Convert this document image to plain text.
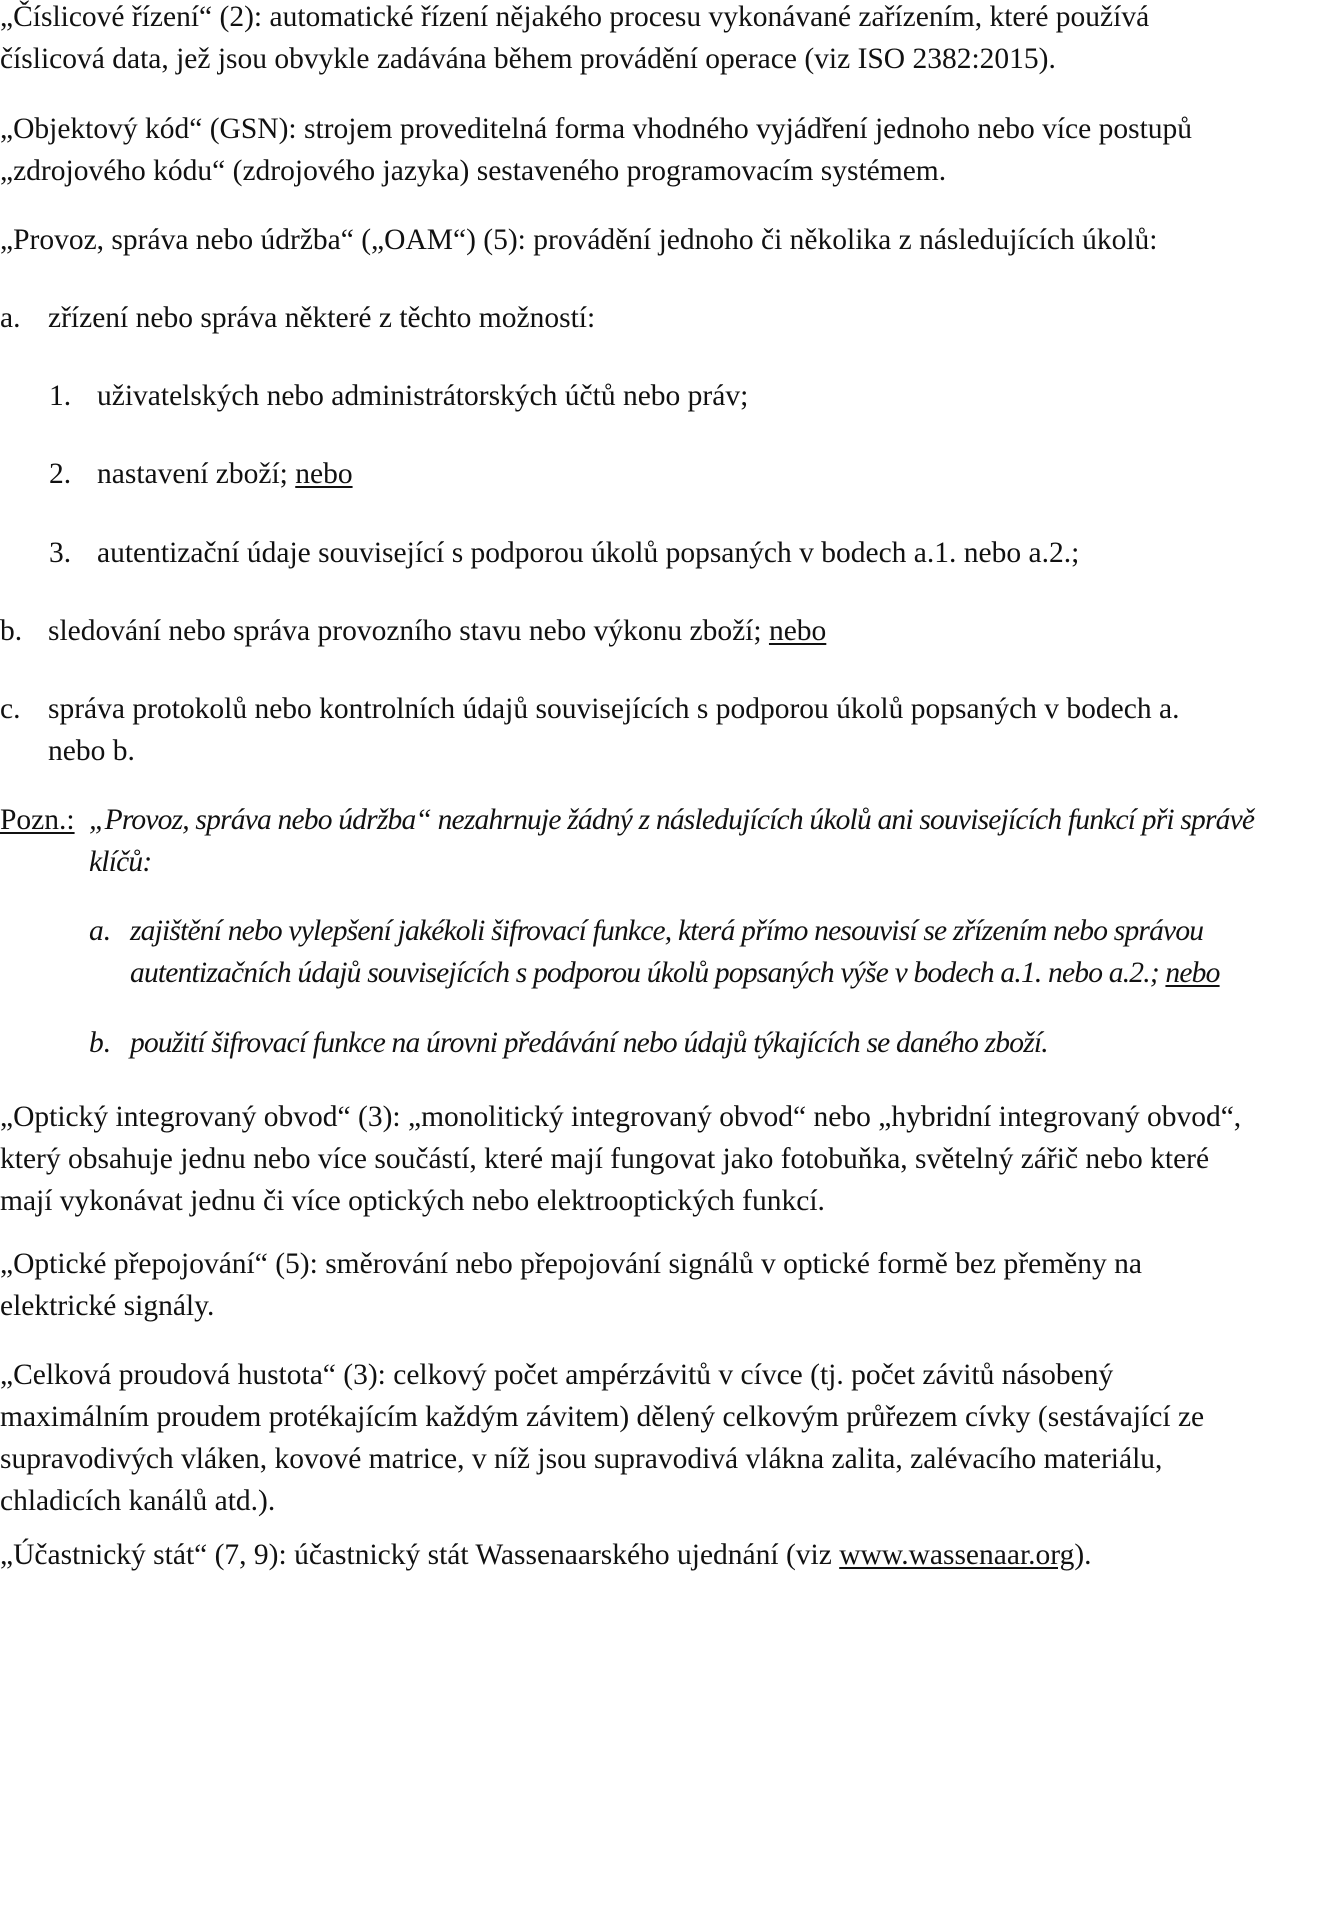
„Číslicové řízení“ (2): automatické řízení nějakého procesu vykonávané zařízením, které používá
číslicová data, jež jsou obvykle zadávána během provádění operace (viz ISO 2382:2015).
„Objektový kód“ (GSN): strojem proveditelná forma vhodného vyjádření jednoho nebo více postupů
„zdrojového kódu“ (zdrojového jazyka) sestaveného programovacím systémem.
„Provoz, správa nebo údržba“ („OAM“) (5): provádění jednoho či několika z následujících úkolů:
a. zřízení nebo správa některé z těchto možností:
1. uživatelských nebo administrátorských účtů nebo práv;
2. nastavení zboží; nebo
3. autentizační údaje související s podporou úkolů popsaných v bodech a.1. nebo a.2.;
b. sledování nebo správa provozního stavu nebo výkonu zboží; nebo
c. správa protokolů nebo kontrolních údajů souvisejících s podporou úkolů popsaných v bodech a.
nebo b.
Pozn.: „Provoz, správa nebo údržba“ nezahrnuje žádný z následujících úkolů ani souvisejících funkcí při správě
klíčů:
a. zajištění nebo vylepšení jakékoli šifrovací funkce, která přímo nesouvisí se zřízením nebo správou
autentizačních údajů souvisejících s podporou úkolů popsaných výše v bodech a.1. nebo a.2.; nebo
b. použití šifrovací funkce na úrovni předávání nebo údajů týkajících se daného zboží.
„Optický integrovaný obvod“ (3): „monolitický integrovaný obvod“ nebo „hybridní integrovaný obvod“,
který obsahuje jednu nebo více součástí, které mají fungovat jako fotobuňka, světelný zářič nebo které
mají vykonávat jednu či více optických nebo elektrooptických funkcí.
„Optické přepojování“ (5): směrování nebo přepojování signálů v optické formě bez přeměny na
elektrické signály.
„Celková proudová hustota“ (3): celkový počet ampérzávitů v cívce (tj. počet závitů násobený
maximálním proudem protékajícím každým závitem) dělený celkovým průřezem cívky (sestávající ze
supravodivých vláken, kovové matrice, v níž jsou supravodivá vlákna zalita, zalévacího materiálu,
chladicích kanálů atd.).
„Účastnický stát“ (7, 9): účastnický stát Wassenaarského ujednání (viz www.wassenaar.org).
